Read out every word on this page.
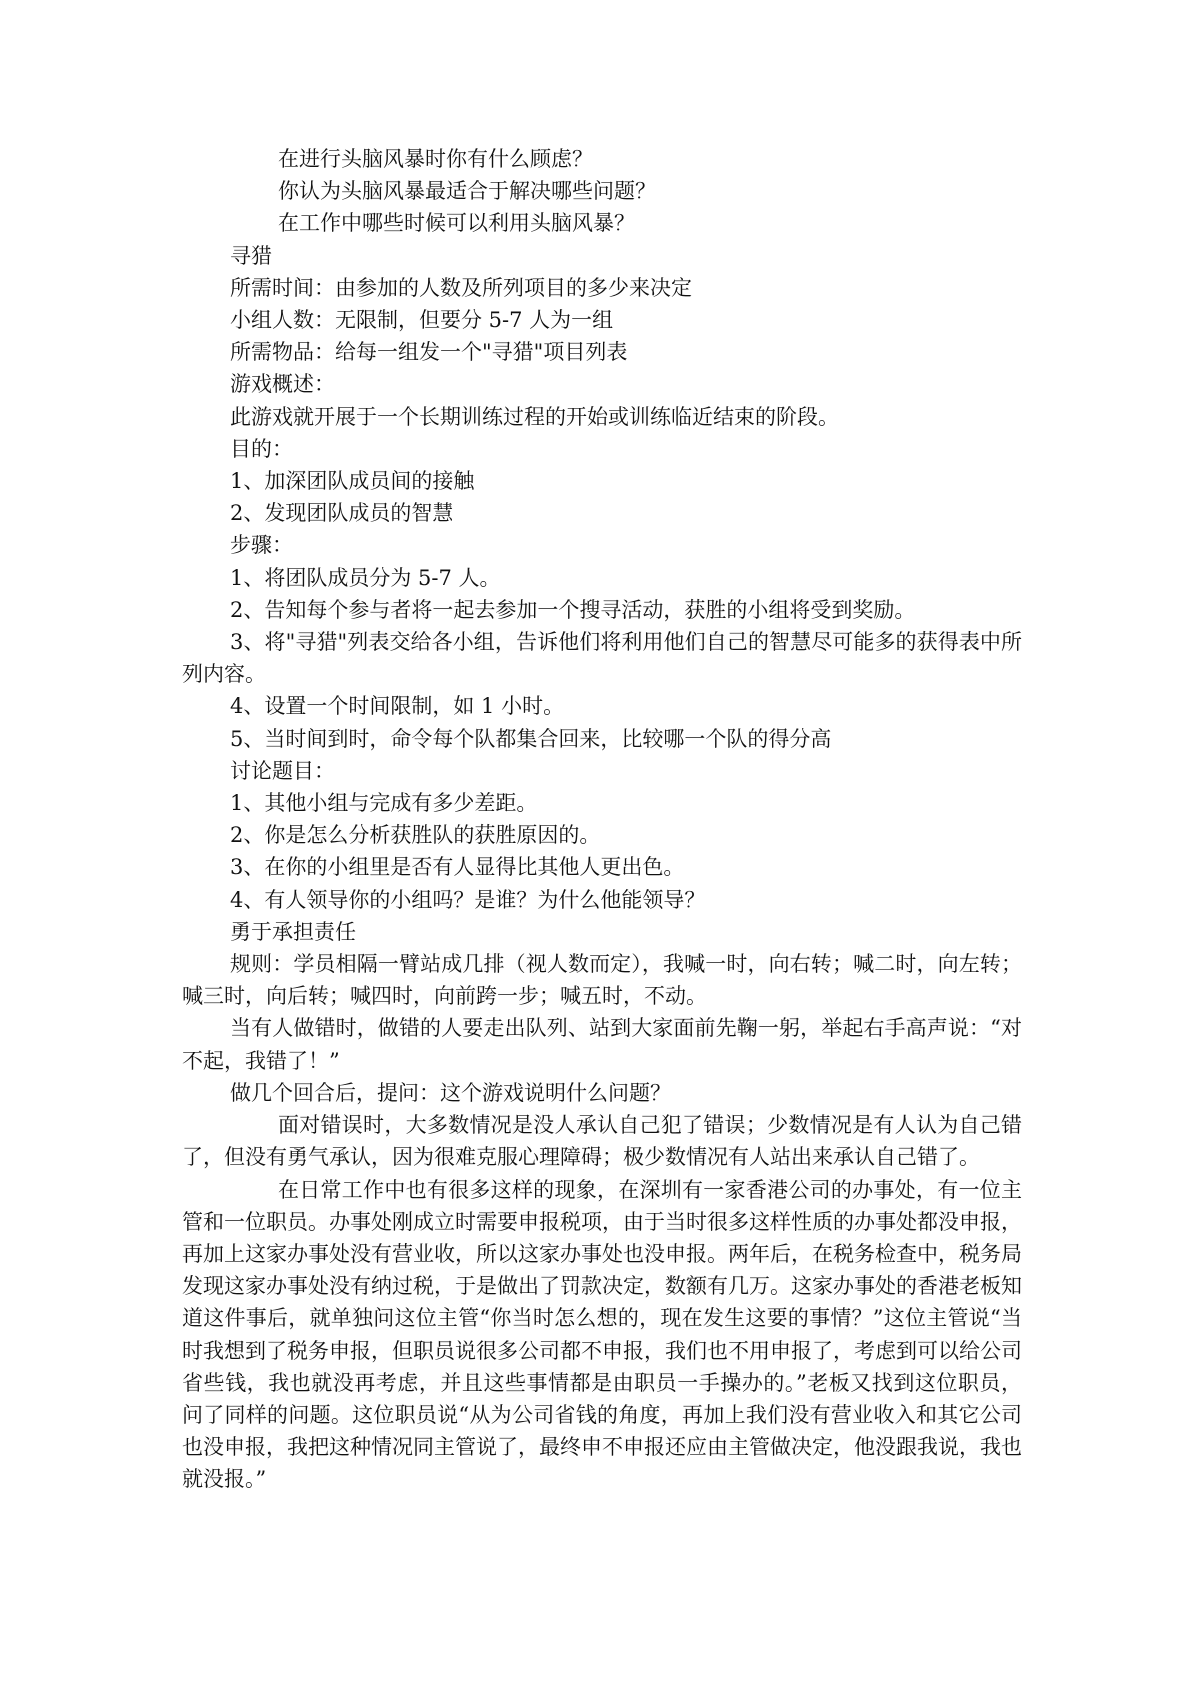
在进行头脑风暴时你有什么顾虑？
你认为头脑风暴最适合于解决哪些问题？
在工作中哪些时候可以利用头脑风暴？
寻猎
所需时间：由参加的人数及所列项目的多少来决定
小组人数：无限制，但要分 5-7 人为一组
所需物品：给每一组发一个"寻猎"项目列表
游戏概述：
此游戏就开展于一个长期训练过程的开始或训练临近结束的阶段。
目的：
1、加深团队成员间的接触
2、发现团队成员的智慧
步骤：
1、将团队成员分为 5-7 人。
2、告知每个参与者将一起去参加一个搜寻活动，获胜的小组将受到奖励。
3、将"寻猎"列表交给各小组，告诉他们将利用他们自己的智慧尽可能多的获得表中所列内容。
4、设置一个时间限制，如 1 小时。
5、当时间到时，命令每个队都集合回来，比较哪一个队的得分高
讨论题目：
1、其他小组与完成有多少差距。
2、你是怎么分析获胜队的获胜原因的。
3、在你的小组里是否有人显得比其他人更出色。
4、有人领导你的小组吗？是谁？为什么他能领导？
勇于承担责任
规则：学员相隔一臂站成几排（视人数而定），我喊一时，向右转；喊二时，向左转；喊三时，向后转；喊四时，向前跨一步；喊五时，不动。
当有人做错时，做错的人要走出队列、站到大家面前先鞠一躬，举起右手高声说：“对不起，我错了！”
做几个回合后，提问：这个游戏说明什么问题？
面对错误时，大多数情况是没人承认自己犯了错误；少数情况是有人认为自己错了，但没有勇气承认，因为很难克服心理障碍；极少数情况有人站出来承认自己错了。
在日常工作中也有很多这样的现象，在深圳有一家香港公司的办事处，有一位主管和一位职员。办事处刚成立时需要申报税项，由于当时很多这样性质的办事处都没申报，再加上这家办事处没有营业收，所以这家办事处也没申报。两年后，在税务检查中，税务局发现这家办事处没有纳过税，于是做出了罚款决定，数额有几万。这家办事处的香港老板知道这件事后，就单独问这位主管“你当时怎么想的，现在发生这要的事情？”这位主管说“当时我想到了税务申报，但职员说很多公司都不申报，我们也不用申报了，考虑到可以给公司省些钱，我也就没再考虑，并且这些事情都是由职员一手操办的。”老板又找到这位职员，问了同样的问题。这位职员说“从为公司省钱的角度，再加上我们没有营业收入和其它公司也没申报，我把这种情况同主管说了，最终申不申报还应由主管做决定，他没跟我说，我也就没报。”
